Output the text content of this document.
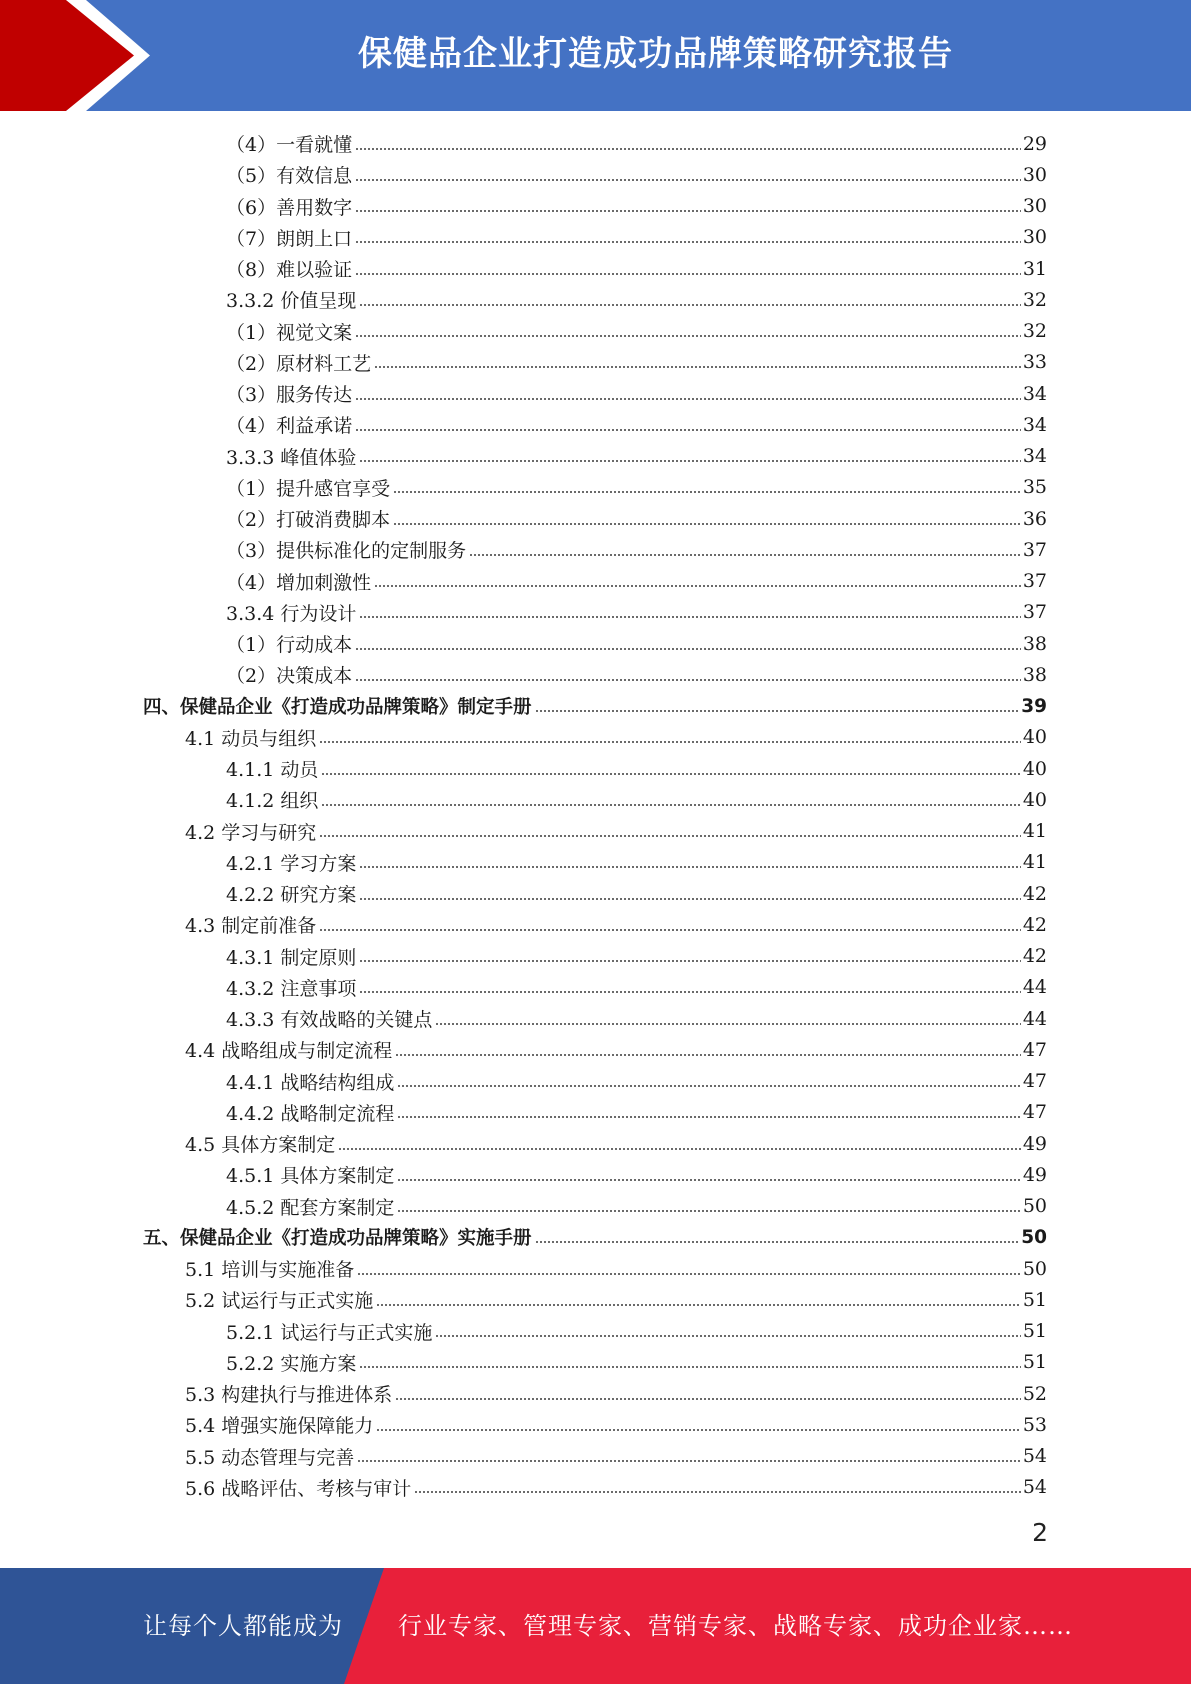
保健品企业打造成功品牌策略研究报告
（4）一看就懂	29
（5）有效信息	30
（6）善用数字	30
（7）朗朗上口	30
（8）难以验证	31
3.3.2 价值呈现	32
（1）视觉文案	32
（2）原材料工艺	33
（3）服务传达	34
（4）利益承诺	34
3.3.3 峰值体验	34
（1）提升感官享受	35
（2）打破消费脚本	36
（3）提供标准化的定制服务	37
（4）增加刺激性	37
3.3.4 行为设计	37
（1）行动成本	38
（2）决策成本	38
四、保健品企业《打造成功品牌策略》制定手册	39
4.1 动员与组织	40
4.1.1 动员	40
4.1.2 组织	40
4.2 学习与研究	41
4.2.1 学习方案	41
4.2.2 研究方案	42
4.3 制定前准备	42
4.3.1 制定原则	42
4.3.2 注意事项	44
4.3.3 有效战略的关键点	44
4.4 战略组成与制定流程	47
4.4.1 战略结构组成	47
4.4.2 战略制定流程	47
4.5 具体方案制定	49
4.5.1 具体方案制定	49
4.5.2 配套方案制定	50
五、保健品企业《打造成功品牌策略》实施手册	50
5.1 培训与实施准备	50
5.2 试运行与正式实施	51
5.2.1 试运行与正式实施	51
5.2.2 实施方案	51
5.3 构建执行与推进体系	52
5.4 增强实施保障能力	53
5.5 动态管理与完善	54
5.6 战略评估、考核与审计	54
2
让每个人都能成为 行业专家、管理专家、营销专家、战略专家、成功企业家……
